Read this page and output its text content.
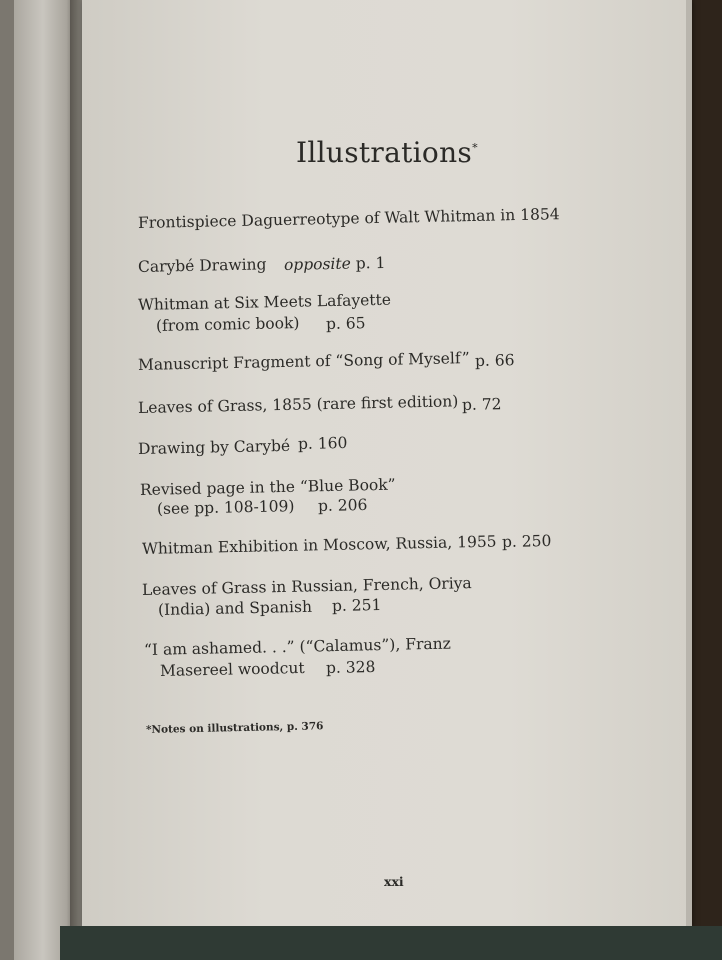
Illustrations*
Frontispiece Daguerreotype of Walt Whitman in 1854
Carybé Drawing opposite p. 1
Whitman at Six Meets Lafayette
(from comic book) p. 65
Manuscript Fragment of “Song of Myself” p. 66
Leaves of Grass, 1855 (rare first edition) p. 72
Drawing by Carybé p. 160
Revised page in the “Blue Book”
(see pp. 108-109) p. 206
Whitman Exhibition in Moscow, Russia, 1955 p. 250
Leaves of Grass in Russian, French, Oriya
(India) and Spanish p. 251
“I am ashamed. . .” (“Calamus”), Franz
Masereel woodcut p. 328
*Notes on illustrations, p. 376
xxi
